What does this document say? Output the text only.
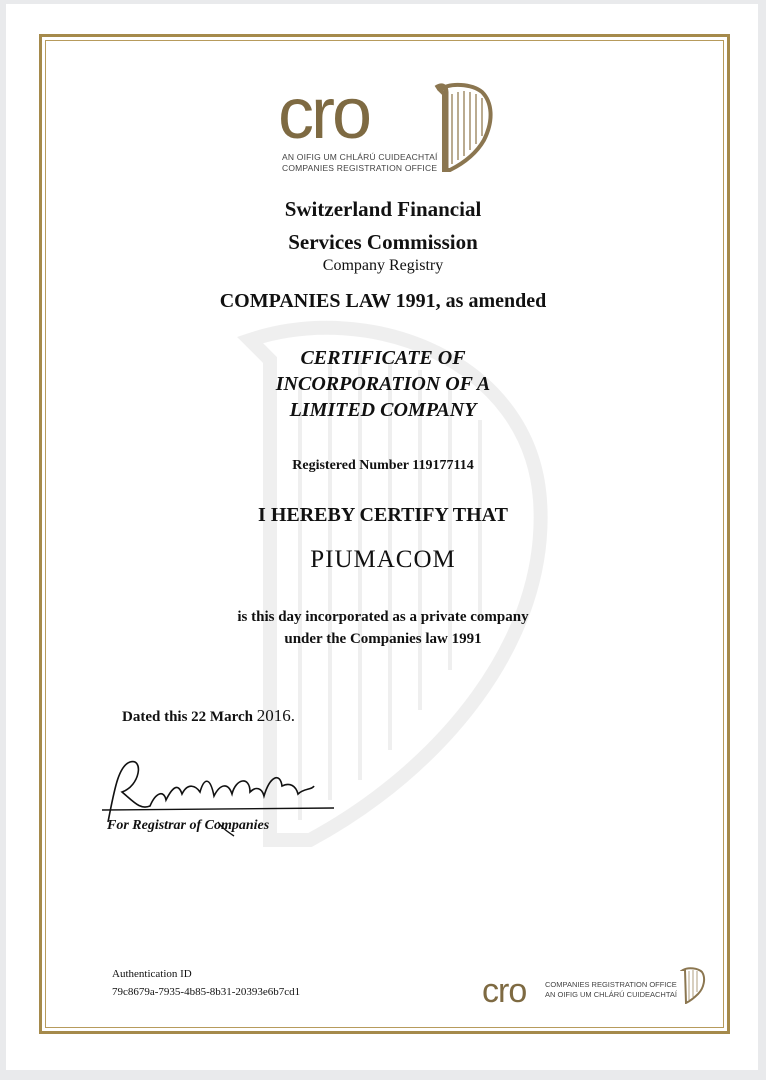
cro
AN OIFIG UM CHLÁRÚ CUIDEACHTAÍ
COMPANIES REGISTRATION OFFICE
Switzerland Financial
Services Commission
Company Registry
COMPANIES LAW 1991, as amended
CERTIFICATE OF
INCORPORATION OF A
LIMITED COMPANY
Registered Number 119177114
I HEREBY CERTIFY THAT
PIUMACOM
is this day incorporated as a private company
under the Companies law 1991
Dated this 22 March 2016.
For Registrar of Companies
Authentication ID
79c8679a-7935-4b85-8b31-20393e6b7cd1	cro	COMPANIES REGISTRATION OFFICE
AN OIFIG UM CHLÁRÚ CUIDEACHTAÍ
